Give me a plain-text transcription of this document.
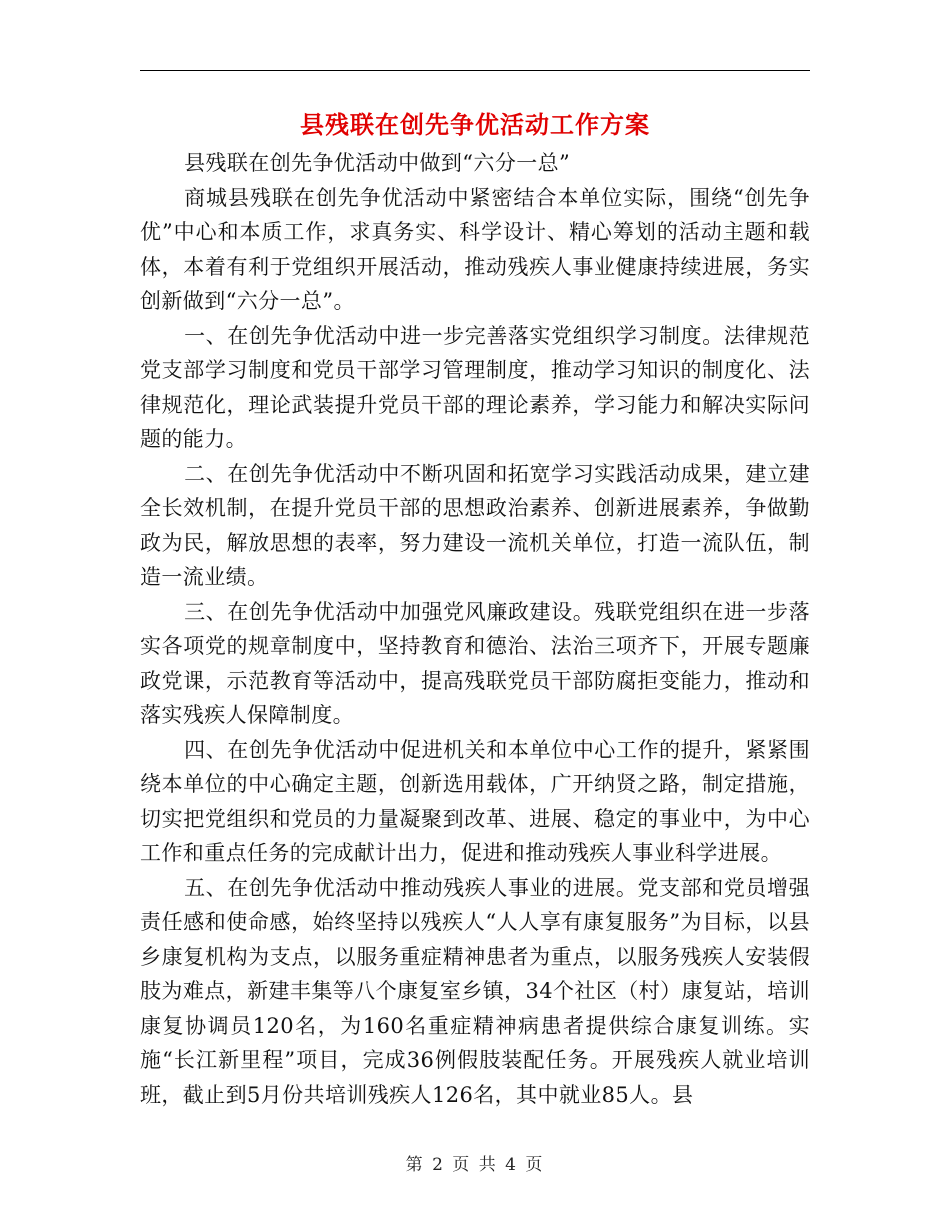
县残联在创先争优活动工作方案

县残联在创先争优活动中做到“六分一总”

商城县残联在创先争优活动中紧密结合本单位实际，围绕“创先争优”中心和本质工作，求真务实、科学设计、精心筹划的活动主题和载体，本着有利于党组织开展活动，推动残疾人事业健康持续进展，务实创新做到“六分一总”。

一、在创先争优活动中进一步完善落实党组织学习制度。法律规范党支部学习制度和党员干部学习管理制度，推动学习知识的制度化、法律规范化，理论武装提升党员干部的理论素养，学习能力和解决实际问题的能力。

二、在创先争优活动中不断巩固和拓宽学习实践活动成果，建立建全长效机制，在提升党员干部的思想政治素养、创新进展素养，争做勤政为民，解放思想的表率，努力建设一流机关单位，打造一流队伍，制造一流业绩。

三、在创先争优活动中加强党风廉政建设。残联党组织在进一步落实各项党的规章制度中，坚持教育和德治、法治三项齐下，开展专题廉政党课，示范教育等活动中，提高残联党员干部防腐拒变能力，推动和落实残疾人保障制度。

四、在创先争优活动中促进机关和本单位中心工作的提升，紧紧围绕本单位的中心确定主题，创新选用载体，广开纳贤之路，制定措施，切实把党组织和党员的力量凝聚到改革、进展、稳定的事业中，为中心工作和重点任务的完成献计出力，促进和推动残疾人事业科学进展。

五、在创先争优活动中推动残疾人事业的进展。党支部和党员增强责任感和使命感，始终坚持以残疾人“人人享有康复服务”为目标，以县乡康复机构为支点，以服务重症精神患者为重点，以服务残疾人安装假肢为难点，新建丰集等八个康复室乡镇，34个社区（村）康复站，培训康复协调员120名，为160名重症精神病患者提供综合康复训练。实施“长江新里程”项目，完成36例假肢装配任务。开展残疾人就业培训班，截止到5月份共培训残疾人126名，其中就业85人。县

第 2 页 共 4 页
